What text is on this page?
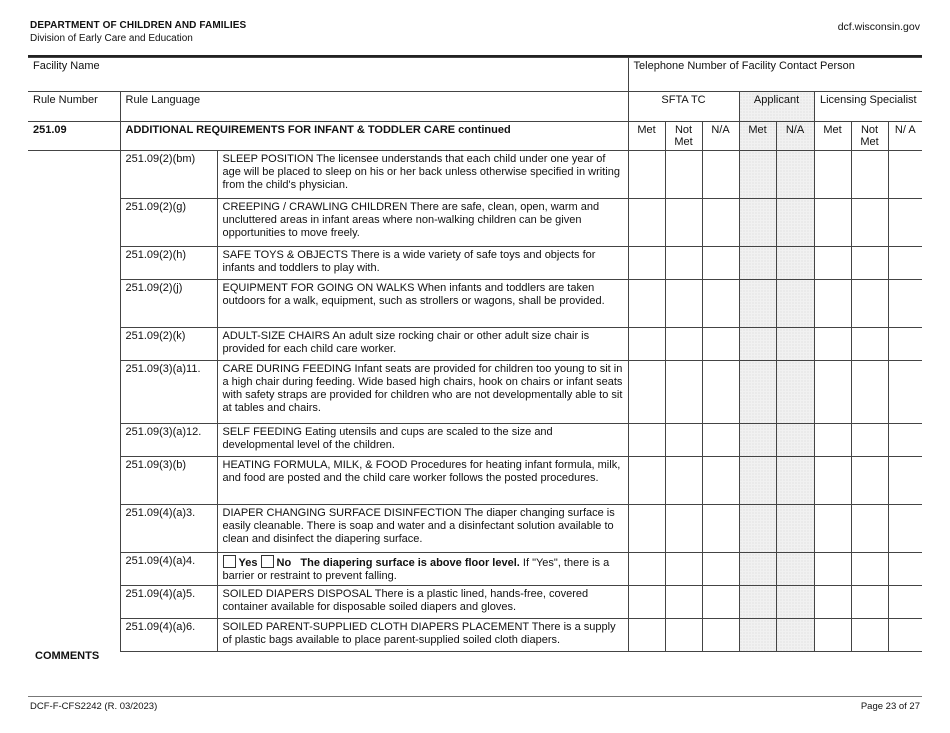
DEPARTMENT OF CHILDREN AND FAMILIES
Division of Early Care and Education
dcf.wisconsin.gov
Facility Name			Telephone Number of Facility Contact Person							
Rule Number	Rule Language		SFTA TC			Applicant		Licensing Specialist		
251.09	ADDITIONAL REQUIREMENTS FOR INFANT & TODDLER CARE continued		Met	Not Met	N/A	Met	N/A	Met	Not Met	N/ A
	251.09(2)(bm)	SLEEP POSITION The licensee understands that each child under one year of age will be placed to sleep on his or her back unless otherwise specified in writing from the child's physician.								
	251.09(2)(g)	CREEPING / CRAWLING CHILDREN There are safe, clean, open, warm and uncluttered areas in infant areas where non-walking children can be given opportunities to move freely.								
	251.09(2)(h)	SAFE TOYS & OBJECTS There is a wide variety of safe toys and objects for infants and toddlers to play with.								
	251.09(2)(j)	EQUIPMENT FOR GOING ON WALKS When infants and toddlers are taken outdoors for a walk, equipment, such as strollers or wagons, shall be provided.								
	251.09(2)(k)	ADULT-SIZE CHAIRS An adult size rocking chair or other adult size chair is provided for each child care worker.								
	251.09(3)(a)11.	CARE DURING FEEDING Infant seats are provided for children too young to sit in a high chair during feeding. Wide based high chairs, hook on chairs or infant seats with safety straps are provided for children who are not developmentally able to sit at tables and chairs.								
	251.09(3)(a)12.	SELF FEEDING Eating utensils and cups are scaled to the size and developmental level of the children.								
	251.09(3)(b)	HEATING FORMULA, MILK, & FOOD Procedures for heating infant formula, milk, and food are posted and the child care worker follows the posted procedures.								
	251.09(4)(a)3.	DIAPER CHANGING SURFACE DISINFECTION The diaper changing surface is easily cleanable. There is soap and water and a disinfectant solution available to clean and disinfect the diapering surface.								
	251.09(4)(a)4.	Yes No The diapering surface is above floor level. If "Yes", there is a barrier or restraint to prevent falling.								
	251.09(4)(a)5.	SOILED DIAPERS DISPOSAL There is a plastic lined, hands-free, covered container available for disposable soiled diapers and gloves.								
	251.09(4)(a)6.	SOILED PARENT-SUPPLIED CLOTH DIAPERS PLACEMENT There is a supply of plastic bags available to place parent-supplied soiled cloth diapers.								
COMMENTS
DCF-F-CFS2242 (R. 03/2023)	Page 23 of 27
